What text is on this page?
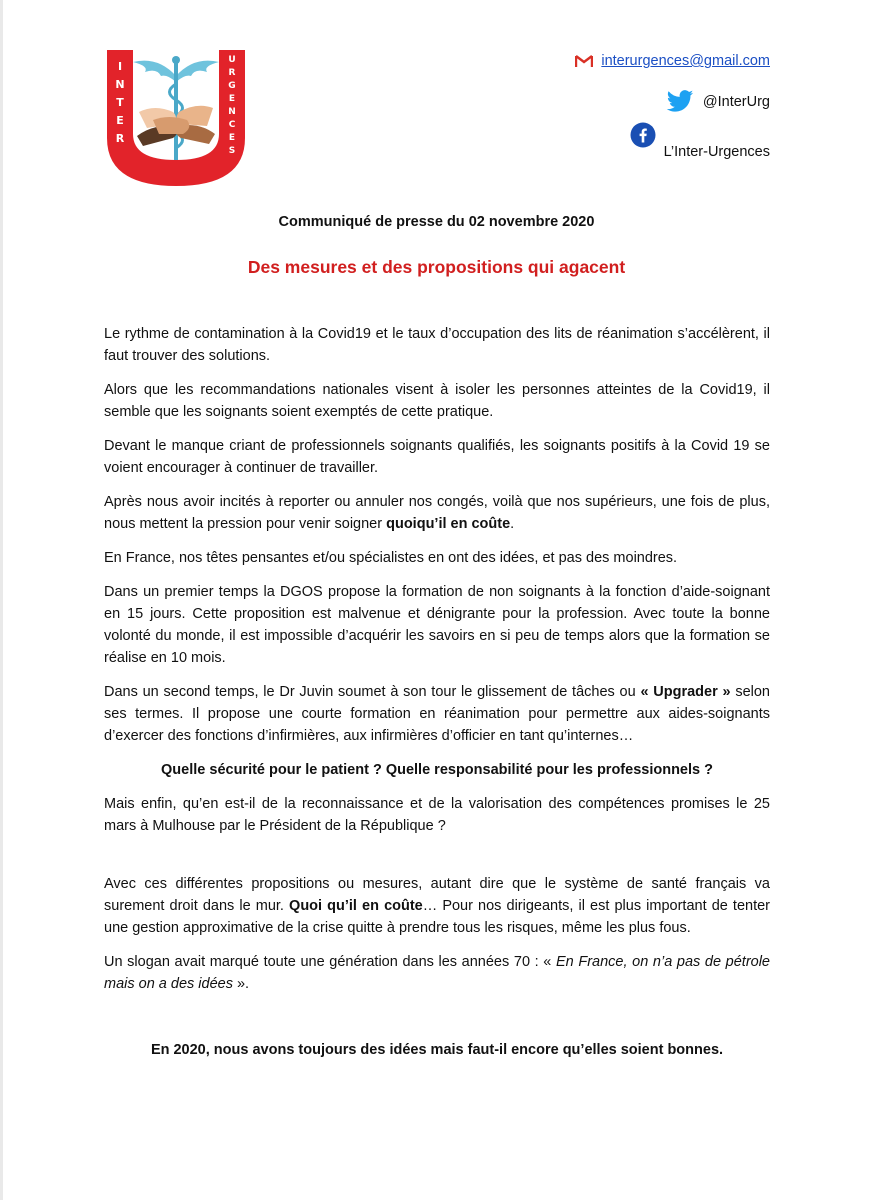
I
N
T
E
R
U
R
G
E
N
C
E
S
interurgences@gmail.com
@InterUrg
L’Inter-Urgences
Communiqué de presse du 02 novembre 2020
Des mesures et des propositions qui agacent

Le rythme de contamination à la Covid19 et le taux d’occupation des lits de réanimation s’accélèrent, il faut trouver des solutions.

Alors que les recommandations nationales visent à isoler les personnes atteintes de la Covid19, il semble que les soignants soient exemptés de cette pratique.

Devant le manque criant de professionnels soignants qualifiés, les soignants positifs à la Covid 19 se voient encourager à continuer de travailler.

Après nous avoir incités à reporter ou annuler nos congés, voilà que nos supérieurs, une fois de plus, nous mettent la pression pour venir soigner quoiqu’il en coûte.

En France, nos têtes pensantes et/ou spécialistes en ont des idées, et pas des moindres.

Dans un premier temps la DGOS propose la formation de non soignants à la fonction d’aide-soignant en 15 jours. Cette proposition est malvenue et dénigrante pour la profession. Avec toute la bonne volonté du monde, il est impossible d’acquérir les savoirs en si peu de temps alors que la formation se réalise en 10 mois.

Dans un second temps, le Dr Juvin soumet à son tour le glissement de tâches ou « Upgrader » selon ses termes. Il propose une courte formation en réanimation pour permettre aux aides-soignants d’exercer des fonctions d’infirmières, aux infirmières d’officier en tant qu’internes…

Quelle sécurité pour le patient ? Quelle responsabilité pour les professionnels ?

Mais enfin, qu’en est-il de la reconnaissance et de la valorisation des compétences promises le 25 mars à Mulhouse par le Président de la République ?

Avec ces différentes propositions ou mesures, autant dire que le système de santé français va surement droit dans le mur. Quoi qu’il en coûte… Pour nos dirigeants, il est plus important de tenter une gestion approximative de la crise quitte à prendre tous les risques, même les plus fous.

Un slogan avait marqué toute une génération dans les années 70 : « En France, on n’a pas de pétrole mais on a des idées ».

En 2020, nous avons toujours des idées mais faut-il encore qu’elles soient bonnes.
